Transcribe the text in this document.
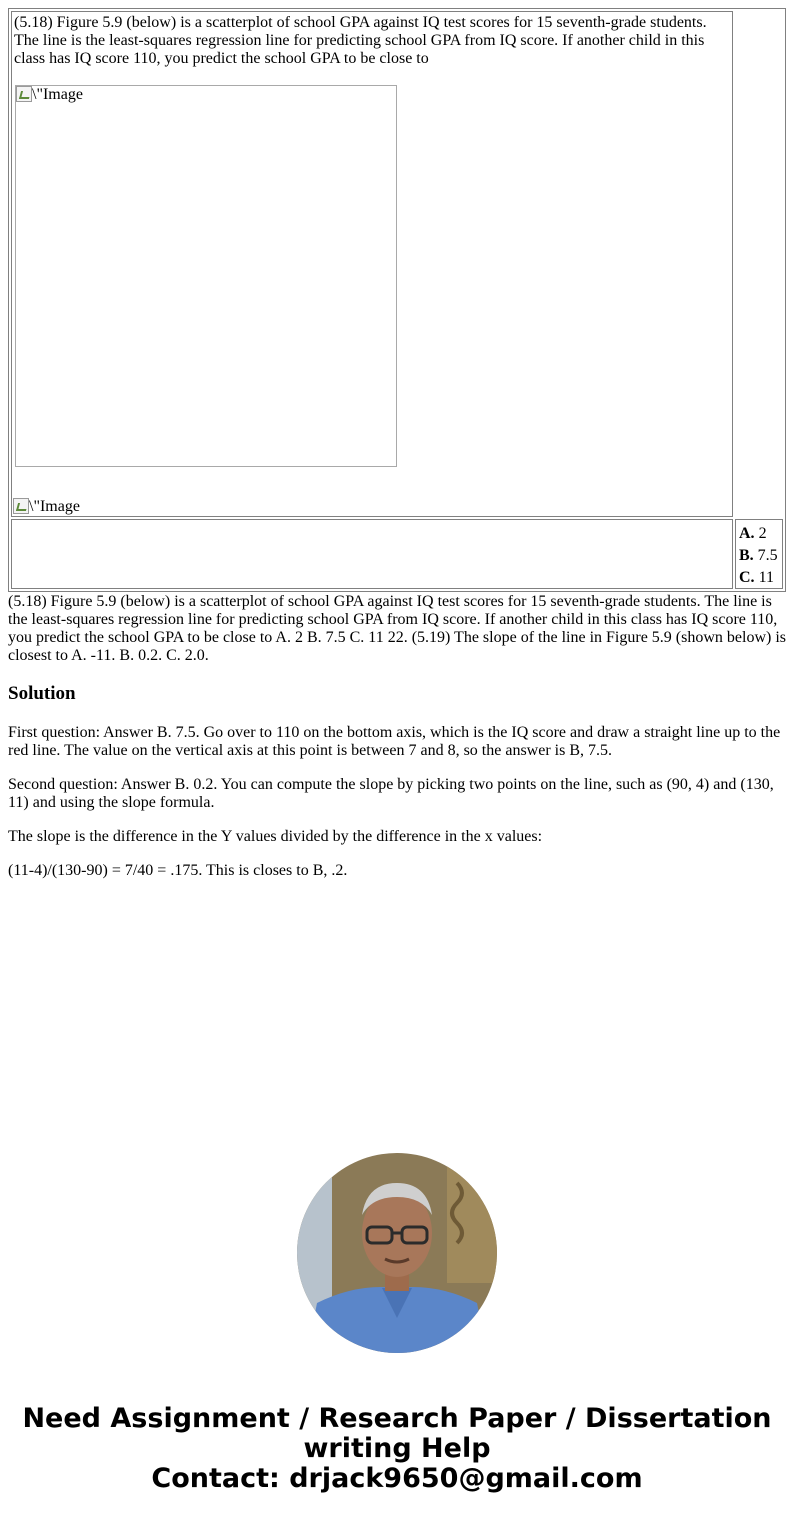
(5.18) Figure 5.9 (below) is a scatterplot of school GPA against IQ test scores for 15 seventh-grade students. The line is the least-squares regression line for predicting school GPA from IQ score. If another child in this class has IQ score 110, you predict the school GPA to be close to

\"Image
\"Image
A. 2
B. 7.5
C. 11

(5.18) Figure 5.9 (below) is a scatterplot of school GPA against IQ test scores for 15 seventh-grade students. The line is the least-squares regression line for predicting school GPA from IQ score. If another child in this class has IQ score 110, you predict the school GPA to be close to A. 2 B. 7.5 C. 11 22. (5.19) The slope of the line in Figure 5.9 (shown below) is closest to A. -11. B. 0.2. C. 2.0.

Solution

First question: Answer B. 7.5. Go over to 110 on the bottom axis, which is the IQ score and draw a straight line up to the red line. The value on the vertical axis at this point is between 7 and 8, so the answer is B, 7.5.

Second question: Answer B. 0.2. You can compute the slope by picking two points on the line, such as (90, 4) and (130, 11) and using the slope formula.

The slope is the difference in the Y values divided by the difference in the x values:

(11-4)/(130-90) = 7/40 = .175. This is closes to B, .2.

Need Assignment / Research Paper / Dissertation
writing Help
Contact: drjack9650@gmail.com
